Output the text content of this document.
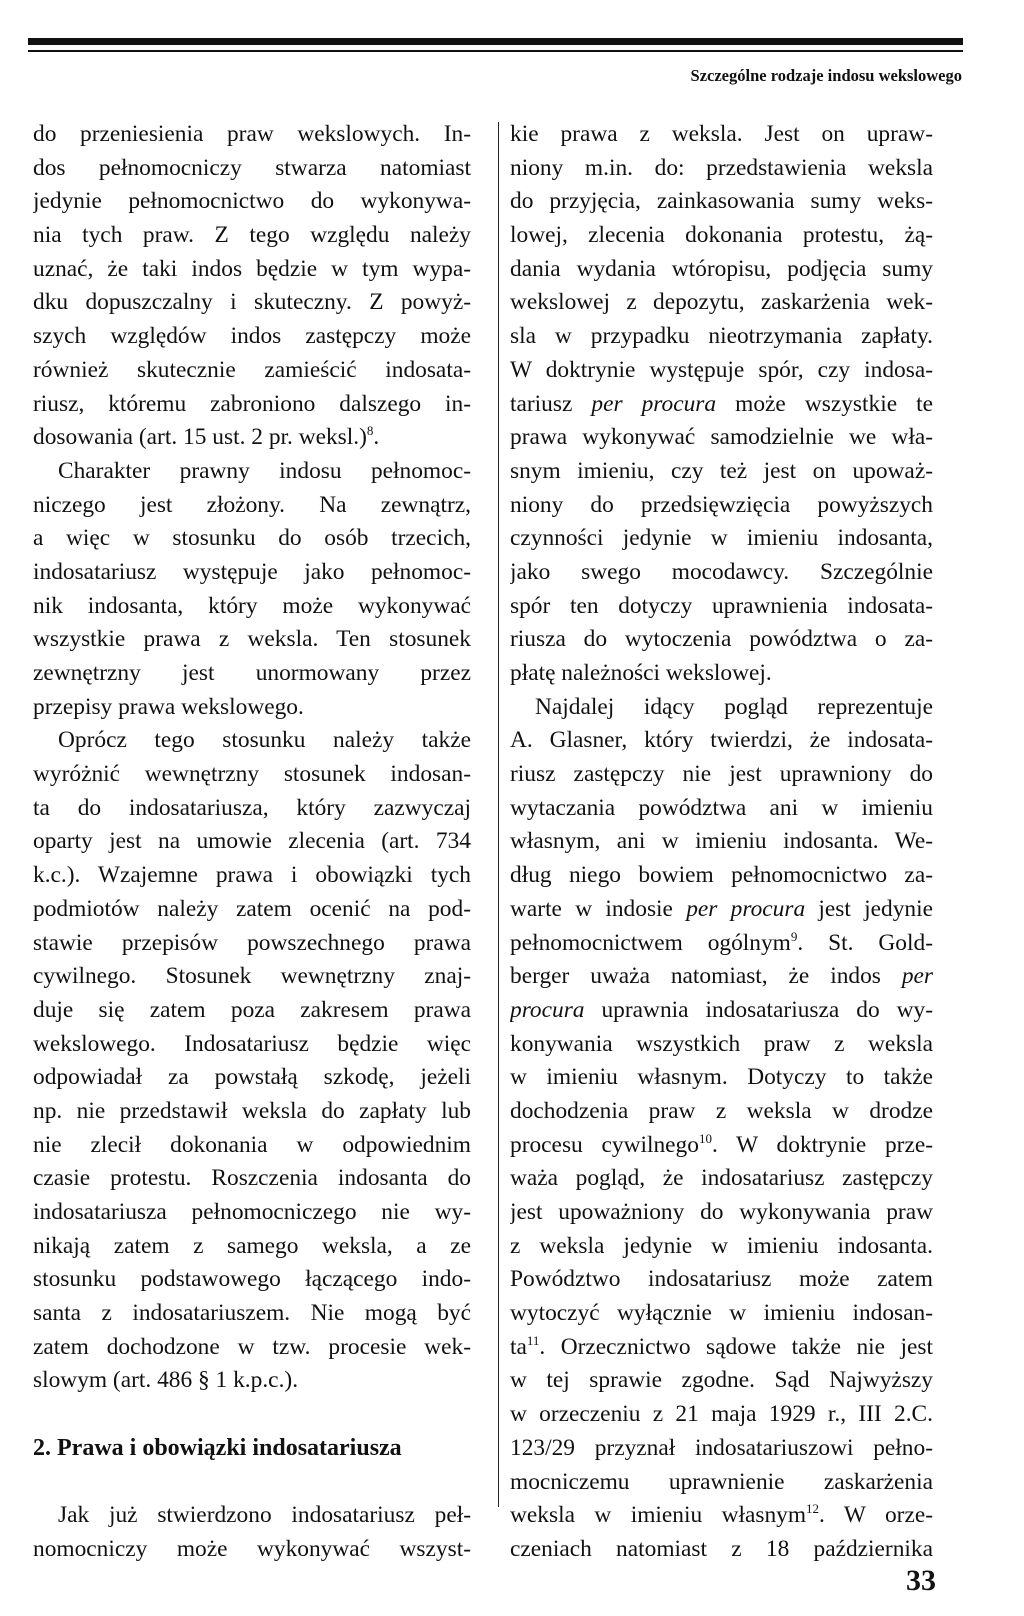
Szczególne rodzaje indosu wekslowego
do przeniesienia praw wekslowych. In-
dos pełnomocniczy stwarza natomiast
jedynie pełnomocnictwo do wykonywa-
nia tych praw. Z tego względu należy
uznać, że taki indos będzie w tym wypa-
dku dopuszczalny i skuteczny. Z powyż-
szych względów indos zastępczy może
również skutecznie zamieścić indosata-
riusz, któremu zabroniono dalszego in-
dosowania (art. 15 ust. 2 pr. weksl.)$^8$.
Charakter prawny indosu pełnomoc-
niczego jest złożony. Na zewnątrz,
a więc w stosunku do osób trzecich,
indosatariusz występuje jako pełnomoc-
nik indosanta, który może wykonywać
wszystkie prawa z weksla. Ten stosunek
zewnętrzny jest unormowany przez
przepisy prawa wekslowego.
Oprócz tego stosunku należy także
wyróżnić wewnętrzny stosunek indosan-
ta do indosatariusza, który zazwyczaj
oparty jest na umowie zlecenia (art. 734
k.c.). Wzajemne prawa i obowiązki tych
podmiotów należy zatem ocenić na pod-
stawie przepisów powszechnego prawa
cywilnego. Stosunek wewnętrzny znaj-
duje się zatem poza zakresem prawa
wekslowego. Indosatariusz będzie więc
odpowiadał za powstałą szkodę, jeżeli
np. nie przedstawił weksla do zapłaty lub
nie zlecił dokonania w odpowiednim
czasie protestu. Roszczenia indosanta do
indosatariusza pełnomocniczego nie wy-
nikają zatem z samego weksla, a ze
stosunku podstawowego łączącego indo-
santa z indosatariuszem. Nie mogą być
zatem dochodzone w tzw. procesie wek-
slowym (art. 486 § 1 k.p.c.).
2. Prawa i obowiązki indosatariusza
Jak już stwierdzono indosatariusz peł-
nomocniczy może wykonywać wszyst-
kie prawa z weksla. Jest on upraw-
niony m.in. do: przedstawienia weksla
do przyjęcia, zainkasowania sumy weks-
lowej, zlecenia dokonania protestu, żą-
dania wydania wtóropisu, podjęcia sumy
wekslowej z depozytu, zaskarżenia wek-
sla w przypadku nieotrzymania zapłaty.
W doktrynie występuje spór, czy indosa-
tariusz per procura może wszystkie te
prawa wykonywać samodzielnie we wła-
snym imieniu, czy też jest on upoważ-
niony do przedsięwzięcia powyższych
czynności jedynie w imieniu indosanta,
jako swego mocodawcy. Szczególnie
spór ten dotyczy uprawnienia indosata-
riusza do wytoczenia powództwa o za-
płatę należności wekslowej.
Najdalej idący pogląd reprezentuje
A. Glasner, który twierdzi, że indosata-
riusz zastępczy nie jest uprawniony do
wytaczania powództwa ani w imieniu
własnym, ani w imieniu indosanta. We-
dług niego bowiem pełnomocnictwo za-
warte w indosie per procura jest jedynie
pełnomocnictwem ogólnym$^9$. St. Gold-
berger uważa natomiast, że indos per
procura uprawnia indosatariusza do wy-
konywania wszystkich praw z weksla
w imieniu własnym. Dotyczy to także
dochodzenia praw z weksla w drodze
procesu cywilnego$^{10}$. W doktrynie prze-
waża pogląd, że indosatariusz zastępczy
jest upoważniony do wykonywania praw
z weksla jedynie w imieniu indosanta.
Powództwo indosatariusz może zatem
wytoczyć wyłącznie w imieniu indosan-
$ta^{11}$. Orzecznictwo sądowe także nie jest
w tej sprawie zgodne. Sąd Najwyższy
w orzeczeniu z 21 maja 1929 r., III 2.C.
123/29 przyznał indosatariuszowi pełno-
mocniczemu uprawnienie zaskarżenia
weksla w imieniu własnym$^{12}$. W orze-
czeniach natomiast z 18 października
33
